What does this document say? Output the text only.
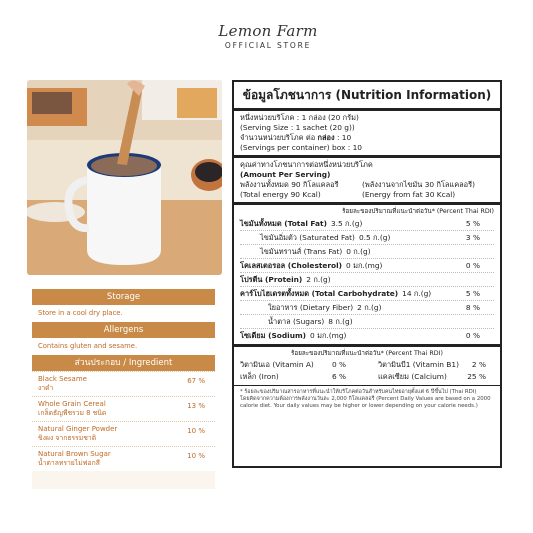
Lemon Farm
OFFICIAL STORE
Storage
Store in a cool dry place.
Allergens
Contains gluten and sesame.
ส่วนประกอบ / Ingredient
Black Sesame
งาดำ
67 %
Whole Grain Cereal
เกล็ดธัญพืชรวม 8 ชนิด
13 %
Natural Ginger Powder
ขิงผง จากธรรมชาติ
10 %
Natural Brown Sugar
น้ำตาลทรายไม่ฟอกสี
10 %
ข้อมูลโภชนาการ (Nutrition Information)
หนึ่งหน่วยบริโภค : 1 กล่อง (20 กรัม)
(Serving Size : 1 sachet (20 g))
จำนวนหน่วยบริโภค ต่อ กล่อง : 10
(Servings per container) box : 10
คุณค่าทางโภชนาการต่อหนึ่งหน่วยบริโภค
(Amount Per Serving)
พลังงานทั้งหมด 90 กิโลแคลอรี	(พลังงานจากไขมัน 30 กิโลแคลอรี)
(Total energy 90 Kcal)	(Energy from fat 30 Kcal)
ร้อยละของปริมาณที่แนะนำต่อวัน* (Percent Thai RDI)
ไขมันทั้งหมด (Total Fat) 3.5 ก.(g)	5 %
ไขมันอิ่มตัว (Saturated Fat) 0.5 ก.(g)	3 %
ไขมันทรานส์ (Trans Fat) 0 ก.(g)
โคเลสเตอรอล (Cholesterol) 0 มก.(mg)	0 %
โปรตีน (Protein) 2 ก.(g)
คาร์โบไฮเดรตทั้งหมด (Total Carbohydrate) 14 ก.(g)	5 %
ใยอาหาร (Dietary Fiber) 2 ก.(g)	8 %
น้ำตาล (Sugars) 8 ก.(g)
โซเดียม (Sodium) 0 มก.(mg)	0 %
ร้อยละของปริมาณที่แนะนำต่อวัน* (Percent Thai RDI)
วิตามินเอ (Vitamin A) 0 %	วิตามินบี1 (Vitamin B1) 2 %
เหล็ก (Iron)	6 %	แคลเซียม (Calcium)	25 %
* ร้อยละของปริมาณสารอาหารที่แนะนำให้บริโภคต่อวันสำหรับคนไทยอายุตั้งแต่ 6 ปีขึ้นไป (Thai RDI)
โดยคิดจากความต้องการพลังงานวันละ 2,000 กิโลแคลอรี (Percent Daily Values are based on a 2000
calorie diet. Your daily values may be higher or lower depending on your calorie needs.)
